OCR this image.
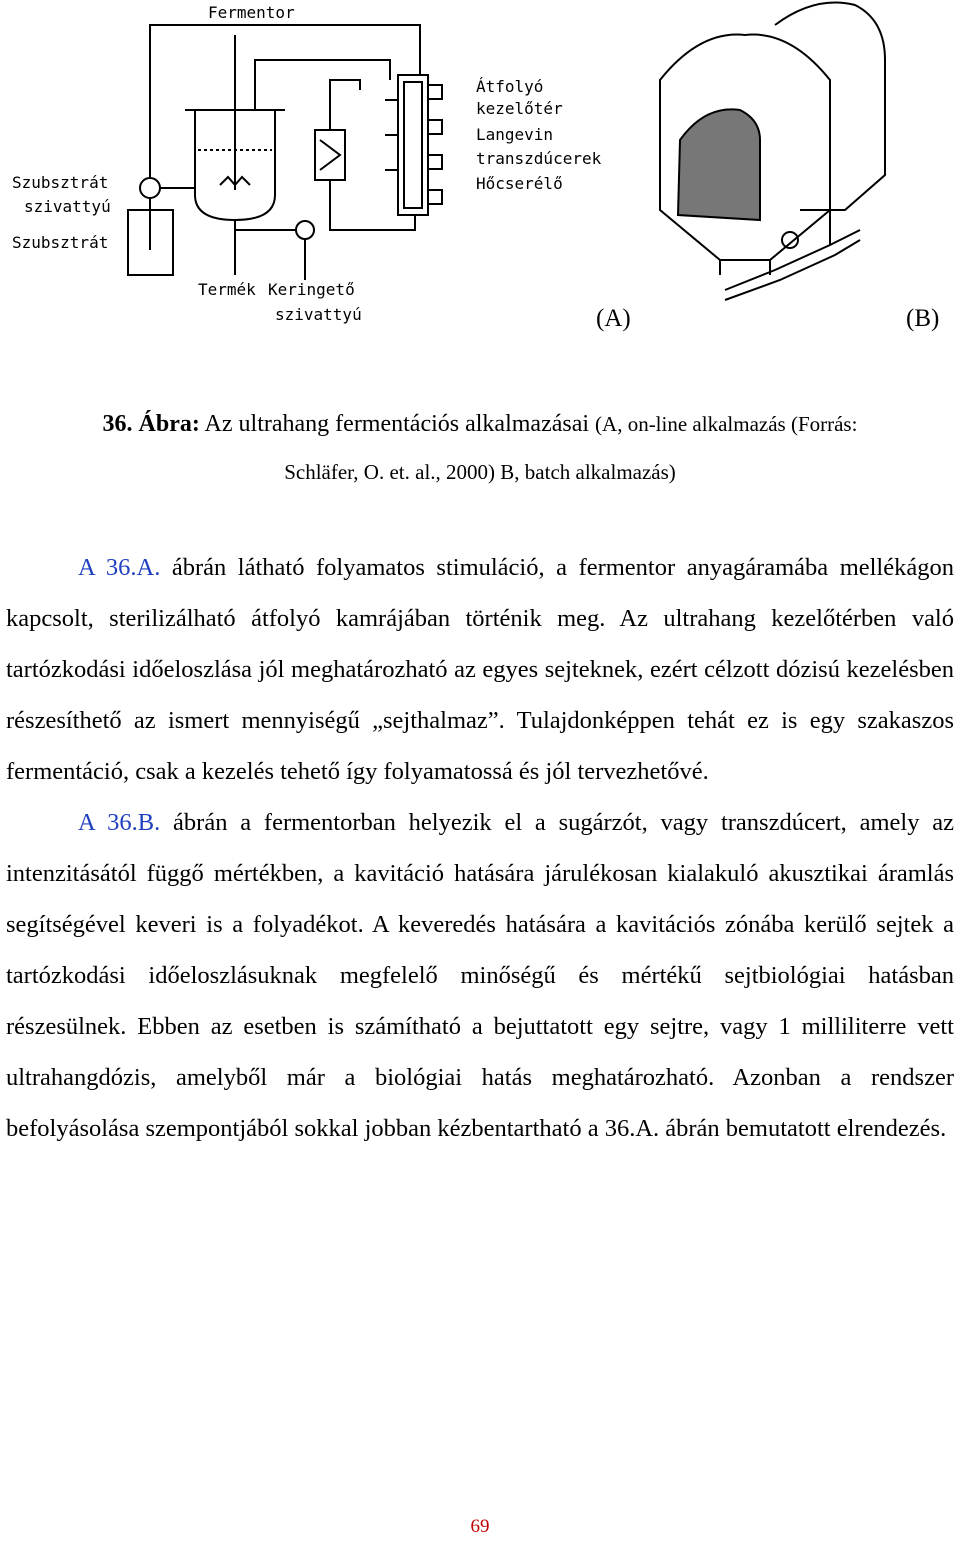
Fermentor
Átfolyó
kezelőtér
Langevin
transzdúcerek
Hőcserélő
Szubsztrát
szivattyú
Szubsztrát
Termék Keringető
szivattyú	(A)	(B)
36. Ábra: Az ultrahang fermentációs alkalmazásai (A, on-line alkalmazás (Forrás:
Schläfer, O. et. al., 2000) B, batch alkalmazás)

A 36.A. ábrán látható folyamatos stimuláció, a fermentor anyagáramába mellékágon kapcsolt, sterilizálható átfolyó kamrájában történik meg. Az ultrahang kezelőtérben való tartózkodási időeloszlása jól meghatározható az egyes sejteknek, ezért célzott dózisú kezelésben részesíthető az ismert mennyiségű „sejthalmaz”. Tulajdonképpen tehát ez is egy szakaszos fermentáció, csak a kezelés tehető így folyamatossá és jól tervezhetővé.

A 36.B. ábrán a fermentorban helyezik el a sugárzót, vagy transzdúcert, amely az intenzitásától függő mértékben, a kavitáció hatására járulékosan kialakuló akusztikai áramlás segítségével keveri is a folyadékot. A keveredés hatására a kavitációs zónába kerülő sejtek a tartózkodási időeloszlásuknak megfelelő minőségű és mértékű sejtbiológiai hatásban részesülnek. Ebben az esetben is számítható a bejuttatott egy sejtre, vagy 1 milliliterre vett ultrahangdózis, amelyből már a biológiai hatás meghatározható. Azonban a rendszer befolyásolása szempontjából sokkal jobban kézbentartható a 36.A. ábrán bemutatott elrendezés.

69
